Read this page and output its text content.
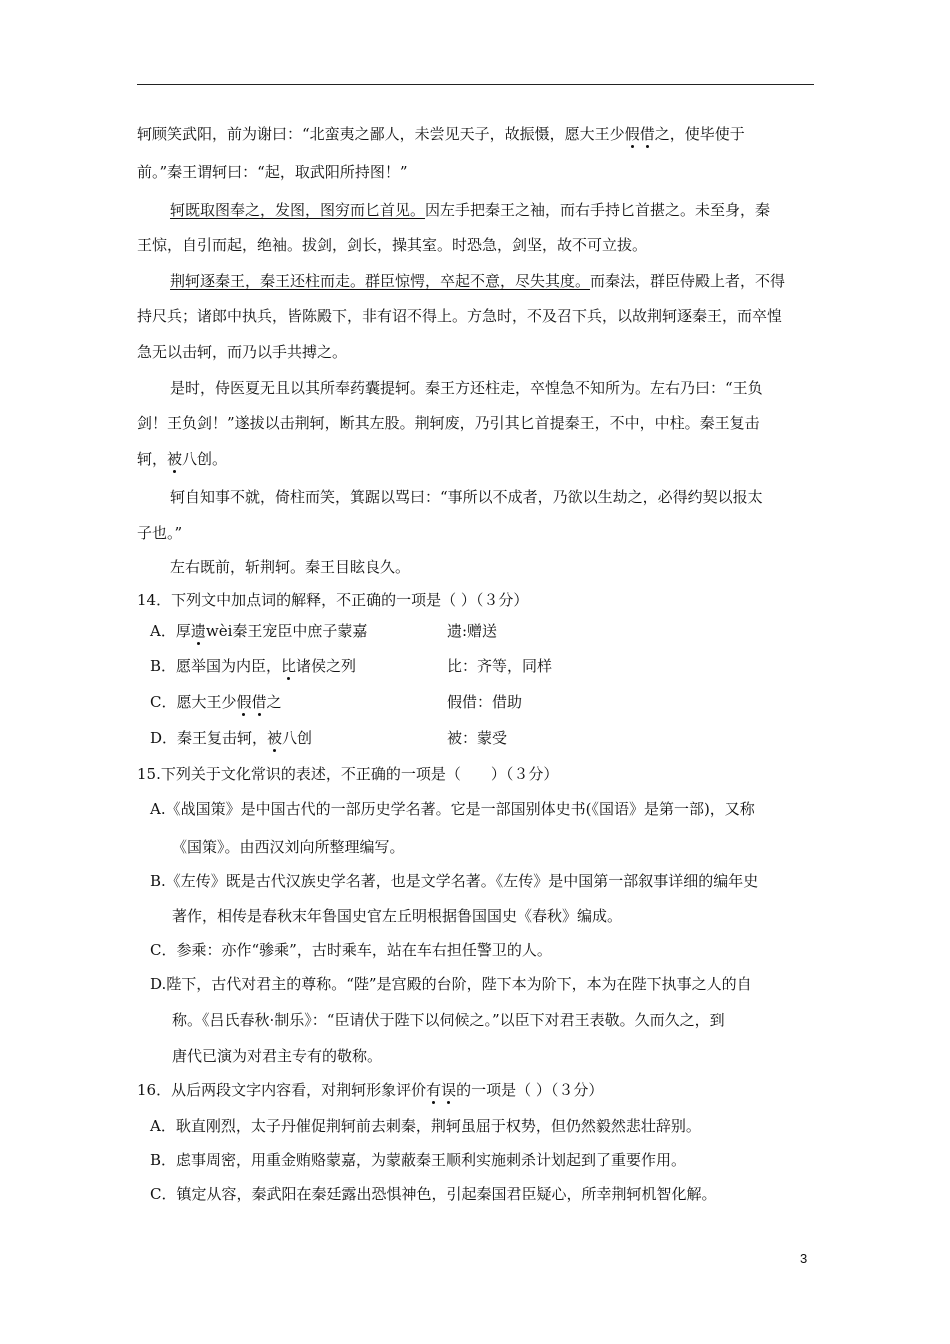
轲顾笑武阳，前为谢曰：“北蛮夷之鄙人，未尝见天子，故振慑，愿大王少假借之，使毕使于

前。”秦王谓轲曰：“起，取武阳所持图！”

轲既取图奉之，发图，图穷而匕首见。因左手把秦王之袖，而右手持匕首揕之。未至身，秦

王惊，自引而起，绝袖。拔剑，剑长，操其室。时恐急，剑坚，故不可立拔。

荆轲逐秦王，秦王还柱而走。群臣惊愕，卒起不意，尽失其度。而秦法，群臣侍殿上者，不得

持尺兵；诸郎中执兵，皆陈殿下，非有诏不得上。方急时，不及召下兵，以故荆轲逐秦王，而卒惶

急无以击轲，而乃以手共搏之。

是时，侍医夏无且以其所奉药囊提轲。秦王方还柱走，卒惶急不知所为。左右乃曰：“王负

剑！王负剑！”遂拔以击荆轲，断其左股。荆轲废，乃引其匕首提秦王，不中，中柱。秦王复击

轲，被八创。

轲自知事不就，倚柱而笑，箕踞以骂曰：“事所以不成者，乃欲以生劫之，必得约契以报太

子也。”

左右既前，斩荆轲。秦王目眩良久。

14．下列文中加点词的解释，不正确的一项是（ ）（３分）

A．厚遗wèi秦王宠臣中庶子蒙嘉	遗:赠送

B．愿举国为内臣，比诸侯之列	比：齐等，同样

C．愿大王少假借之	假借：借助

D．秦王复击轲，被八创	被：蒙受

15.下列关于文化常识的表述，不正确的一项是（　　）（３分）

A.《战国策》是中国古代的一部历史学名著。它是一部国别体史书(《国语》是第一部)，又称

《国策》。由西汉刘向所整理编写。

B.《左传》既是古代汉族史学名著，也是文学名著。《左传》是中国第一部叙事详细的编年史

著作，相传是春秋末年鲁国史官左丘明根据鲁国国史《春秋》编成。

C．参乘：亦作“骖乘”，古时乘车，站在车右担任警卫的人。

D.陛下，古代对君主的尊称。“陛”是宫殿的台阶，陛下本为阶下，本为在陛下执事之人的自

称。《吕氏春秋·制乐》：“臣请伏于陛下以伺候之。”以臣下对君王表敬。久而久之，到

唐代已演为对君主专有的敬称。

16．从后两段文字内容看，对荆轲形象评价有误的一项是（ ）（３分）

A．耿直刚烈，太子丹催促荆轲前去刺秦，荆轲虽屈于权势，但仍然毅然悲壮辞别。

B．虑事周密，用重金贿赂蒙嘉，为蒙蔽秦王顺利实施刺杀计划起到了重要作用。

C．镇定从容，秦武阳在秦廷露出恐惧神色，引起秦国君臣疑心，所幸荆轲机智化解。

3
